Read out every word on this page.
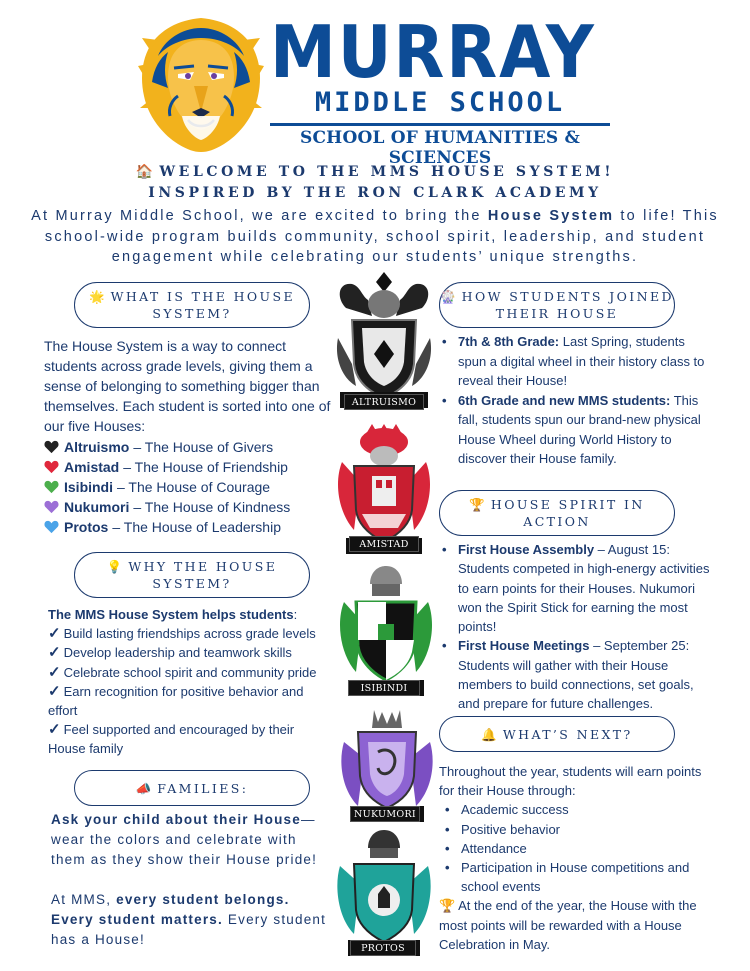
MURRAY
MIDDLE SCHOOL
SCHOOL OF HUMANITIES & SCIENCES
🏠 WELCOME TO THE MMS HOUSE SYSTEM!
INSPIRED BY THE RON CLARK ACADEMY
At Murray Middle School, we are excited to bring the House System to life! This school-wide program builds community, school spirit, leadership, and student engagement while celebrating our students’ unique strengths.
🌟 WHAT IS THE HOUSE
SYSTEM?
The House System is a way to connect students across grade levels, giving them a sense of belonging to something bigger than themselves. Each student is sorted into one of our five Houses:
Altruismo – The House of Givers
Amistad – The House of Friendship
Isibindi – The House of Courage
Nukumori – The House of Kindness
Protos – The House of Leadership
💡 WHY THE HOUSE
SYSTEM?
The MMS House System helps students:
✓ Build lasting friendships across grade levels
✓ Develop leadership and teamwork skills
✓ Celebrate school spirit and community pride
✓ Earn recognition for positive behavior and
effort
✓ Feel supported and encouraged by their
House family
📣 FAMILIES:

Ask your child about their House— wear the colors and celebrate with them as they show their House pride!

At MMS, every student belongs. Every student matters. Every student has a House!

ALTRUISMO
AMISTAD
ISIBINDI
NUKUMORI
PROTOS
🎡 HOW STUDENTS JOINED
THEIR HOUSE
• 7th & 8th Grade: Last Spring, students spun a digital wheel in their history class to reveal their House!
• 6th Grade and new MMS students: This fall, students spun our brand-new physical House Wheel during World History to discover their House family.
🏆 HOUSE SPIRIT IN
ACTION
• First House Assembly – August 15: Students competed in high-energy activities to earn points for their Houses. Nukumori won the Spirit Stick for earning the most points!
• First House Meetings – September 25: Students will gather with their House members to build connections, set goals, and prepare for future challenges.
🔔 WHAT’S NEXT?

Throughout the year, students will earn points for their House through:

• Academic success
• Positive behavior
• Attendance
• Participation in House competitions and school events

🏆 At the end of the year, the House with the most points will be rewarded with a House Celebration in May.
